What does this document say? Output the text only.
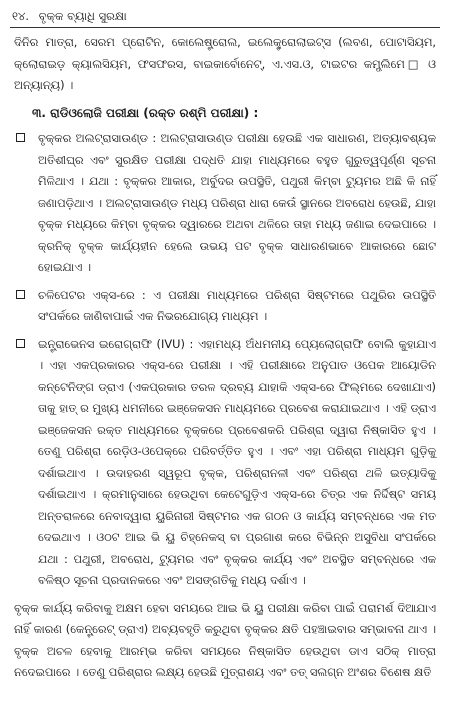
୧୪. ବୃକ୍କ ବ୍ୟାଧି ସୁରକ୍ଷା

ଦିନିର ମାତ୍ରା, ସେରମ ପ୍ରୋଟିନ, କୋଲେଷ୍ଟ୍ରୋଲ, ଇଲେକ୍ଟ୍ରୋଲାଇଟ୍ସ (ଲବଣ, ପୋଟାସିୟମ, କ୍ଲୋରାଇଡ଼ କ୍ୟାଲସିୟମ, ଫସଫରସ, ବାଇକାର୍ବୋନେଟ୍, ଏ.ଏସ.ଓ, ଟାଇଟର କମ୍ପ୍ଲିମେ□ ଓ ଅନ୍ୟାନ୍ୟ) ।

୩. ରାଡିଓଲୋଜି ପରୀକ୍ଷା (ରକ୍ତ ରଶ୍ମି ପରୀକ୍ଷା) :

ବୃକ୍କର ଅଲଟ୍ରାସାଉଣ୍ଡ : ଅଲଟ୍ରାସାଉଣ୍ଡ ପରୀକ୍ଷା ହେଉଛି ଏକ ସାଧାରଣ, ଅତ୍ୟାବଶ୍ୟକ ଅତିଶୀଘ୍ର ଏବଂ ସୁରକ୍ଷିତ ପରୀକ୍ଷା ପଦ୍ଧତି ଯାହା ମାଧ୍ୟମରେ ବହୁତ ଗୁରୁତ୍ୱପୂର୍ଣ୍ଣ ସୂଚନା ମିଳିଥାଏ । ଯଥା : ବୃକ୍କର ଆକାର, ଅର୍ବୁଦର ଉପସ୍ଥିତି, ପଥୁରୀ କିମ୍ବା ଟ୍ୟୁମର ଅଛି କି ନାହିଁ ଜଣାପଡ଼ିଥାଏ । ଅଲଟ୍ରାସାଉଣ୍ଡ ମଧ୍ୟ ପରିଶ୍ରା ଧାରା କେଉଁ ସ୍ଥାନରେ ଅବରୋଧ ହେଉଛି, ଯାହା ବୃକ୍କ ମଧ୍ୟରେ କିମ୍ବା ବୃକ୍କର ଦ୍ୱାରରେ ଅଥବା ଥଳିରେ ତାହା ମଧ୍ୟ ଜଣାଇ ଦେଇପାରେ । କ୍ରନିକ୍ ବୃକ୍କ କାର୍ଯ୍ୟହୀନ ହେଲେ ଉଭୟ ପଟ ବୃକ୍କ ସାଧାରଣଭାବେ ଆକାରରେ ଛୋଟ ହୋଇଯାଏ ।

ଚଳିପେଟର ଏକ୍ସ-ରେ : ଏ ପରୀକ୍ଷା ମାଧ୍ୟମରେ ପରିଶ୍ରା ସିଷ୍ଟମରେ ପଥୁରିର ଉପସ୍ଥିତି ସଂପର୍କରେ ଜାଣିବାପାଇଁ ଏକ ନିଭରଯୋଗ୍ୟ ମାଧ୍ୟମ ।

ଇନ୍ଟ୍ରାଭେନସ ଇରୋଗ୍ରାଫି (IVU) : ଏହାମଧ୍ୟ ଅଁଧମନୀୟ ପ୍ୟେଲୋଗ୍ରାଫି ବୋଲି କୁହାଯାଏ । ଏହା ଏକପ୍ରକାରର ଏକ୍ସ-ରେ ପରୀକ୍ଷା । ଏହି ପରୀକ୍ଷାରେ ଅନୁପାତ ଓପେକ ଆୟୋଡିନ କନ୍ଟେନିଙ୍ଗ ଡ୍ରାଏ (ଏକପ୍ରକାର ତରଳ ଦ୍ରବ୍ୟ ଯାହାକି ଏକ୍ସ-ରେ ଫିଲ୍ମରେ ଦେଖାଯାଏ) ତାକୁ ହାତ୍ ର ମୁଖ୍ୟ ଧମନୀରେ ଇଞ୍ଜେକସନ ମାଧ୍ୟମରେ ପ୍ରବେଶ କରାଯାଇଥାଏ । ଏହି ଡ୍ରାଏ ଇଞ୍ଜେକସନ ରକ୍ତ ମାଧ୍ୟମରେ ବୃକ୍କରେ ପ୍ରବେଶକରି ପରିଶ୍ରା ଦ୍ୱାରା ନିଷ୍କାସିତ ହୁଏ । ତେଣୁ ପରିଶ୍ରା ରେଡ଼ିଓ-ଓପେକ୍ରେ ପରିବର୍ତ୍ତିତ ହୁଏ । ଏବଂ ଏହା ପରିଶ୍ରା ମାଧ୍ୟମ ଗୁଡ଼ିକୁ ଦର୍ଶାଇଥାଏ । ଉଦାହରଣ ସ୍ୱରୂପ ବୃକ୍କ, ପରିଶ୍ରାନଳୀ ଏବଂ ପରିଶ୍ରା ଥଳି ଇତ୍ୟାଦିକୁ ଦର୍ଶାଇଥାଏ । କ୍ରମାନୁସାରେ ହେଉଥିବା କେଟେଗୁଡ଼ିଏ ଏକ୍ସ-ରେ ଚିତ୍ର ଏକ ନିର୍ଦ୍ଦିଷ୍ଟ ସମୟ ଅନ୍ତରାଳରେ ନେବାଦ୍ୱାରା ୟୁରିନାରୀ ସିଷ୍ଟମର ଏକ ଗଠନ ଓ କାର୍ଯ୍ୟ ସମ୍ବନ୍ଧରେ ଏକ ମତ ଦେଇଥାଏ । ଓଠଟ ଆଇ ଭି ୟୁ ଚିହ୍ନେକସ୍ ବା ପ୍ରଗାଶ କରେ ବିଭିନ୍ନ ଅସୁବିଧା ସଂପର୍କରେ ଯଥା : ପଥୁରୀ, ଅବରୋଧ, ଟ୍ୟୁମର ଏବଂ ବୃକ୍କର କାର୍ଯ୍ୟ ଏବଂ ଅବସ୍ଥିତ ସମ୍ବନ୍ଧରେ ଏକ ବଳିଷ୍ଠ ସୂଚନା ପ୍ରଦାନକରେ ଏବଂ ଅସଙ୍ଗତିକୁ ମଧ୍ୟ ଦର୍ଶାଏ ।

ବୃକ୍କ କାର୍ଯ୍ୟ କରିବାକୁ ଅକ୍ଷମ ହେବା ସମୟରେ ଆଇ ଭି ୟୁ ପରୀକ୍ଷା କରିବା ପାଇଁ ପରାମର୍ଶ ଦିଆଯାଏ ନାହିଁ କାରଣ (କେନ୍ଟ୍ରେଟ୍ ଡ୍ରାଏ) ଅବ୍ୟବହୃତି କରୁଥିବା ବୃକ୍କର କ୍ଷତି ପହଞ୍ଚାଇବାର ସମ୍ଭାବନା ଥାଏ ।ବୃକ୍କ ଅଚଳ ହେବାକୁ ଆରମ୍ଭ କରିବା ସମୟରେ ନିଷ୍କାସିତ ହେଉଥିବା ଡାଏ ସଠିକ୍ ମାତ୍ରା ନଦେଇପାରେ । ତେଣୁ ପରିଶ୍ରାର ଲକ୍ଷ୍ୟ ହେଉଛି ମୁତ୍ରାଶୟ ଏବଂ ତତ୍ ସଲଗ୍ନ ଅଂଶର ବିଶେଷ କ୍ଷତି
